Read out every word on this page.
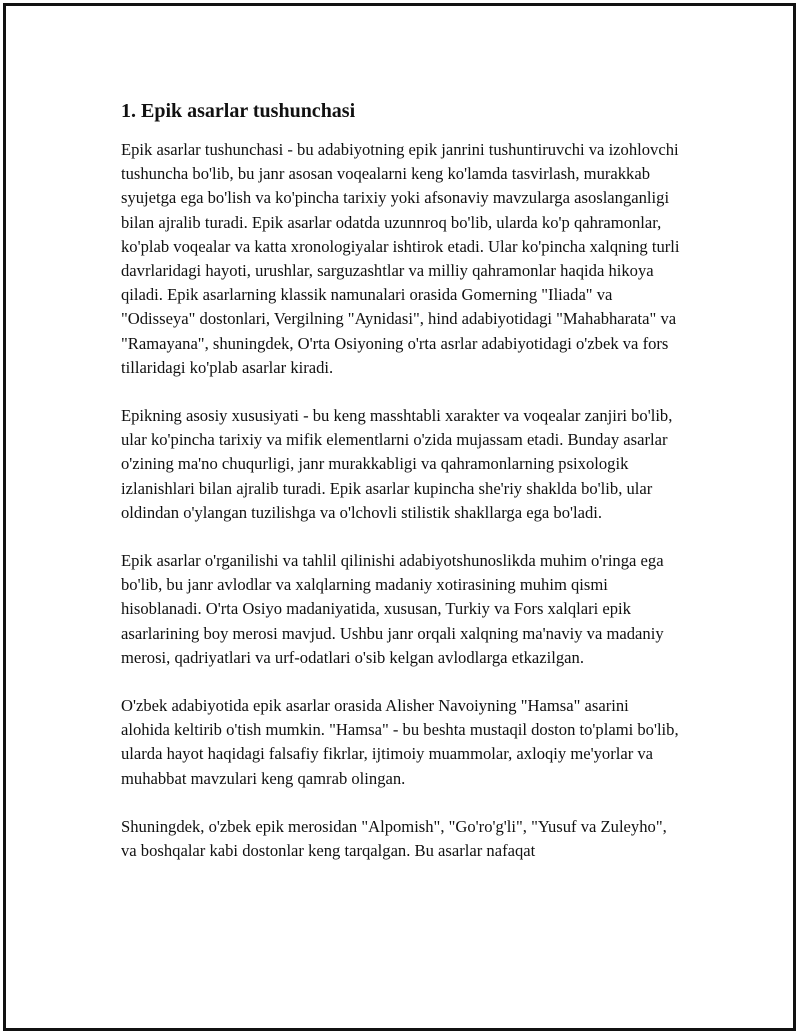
1. Epik asarlar tushunchasi

Epik asarlar tushunchasi - bu adabiyotning epik janrini tushuntiruvchi va izohlovchi tushuncha bo'lib, bu janr asosan voqealarni keng ko'lamda tasvirlash, murakkab syujetga ega bo'lish va ko'pincha tarixiy yoki afsonaviy mavzularga asoslanganligi bilan ajralib turadi. Epik asarlar odatda uzunnroq bo'lib, ularda ko'p qahramonlar, ko'plab voqealar va katta xronologiyalar ishtirok etadi. Ular ko'pincha xalqning turli davrlaridagi hayoti, urushlar, sarguzashtlar va milliy qahramonlar haqida hikoya qiladi. Epik asarlarning klassik namunalari orasida Gomerning "Iliada" va "Odisseya" dostonlari, Vergilning "Aynidasi", hind adabiyotidagi "Mahabharata" va "Ramayana", shuningdek, O'rta Osiyoning o'rta asrlar adabiyotidagi o'zbek va fors tillaridagi ko'plab asarlar kiradi.

Epikning asosiy xususiyati - bu keng masshtabli xarakter va voqealar zanjiri bo'lib, ular ko'pincha tarixiy va mifik elementlarni o'zida mujassam etadi. Bunday asarlar o'zining ma'no chuqurligi, janr murakkabligi va qahramonlarning psixologik izlanishlari bilan ajralib turadi. Epik asarlar kupincha she'riy shaklda bo'lib, ular oldindan o'ylangan tuzilishga va o'lchovli stilistik shakllarga ega bo'ladi.

Epik asarlar o'rganilishi va tahlil qilinishi adabiyotshunoslikda muhim o'ringa ega bo'lib, bu janr avlodlar va xalqlarning madaniy xotirasining muhim qismi hisoblanadi. O'rta Osiyo madaniyatida, xususan, Turkiy va Fors xalqlari epik asarlarining boy merosi mavjud. Ushbu janr orqali xalqning ma'naviy va madaniy merosi, qadriyatlari va urf-odatlari o'sib kelgan avlodlarga etkazilgan.

O'zbek adabiyotida epik asarlar orasida Alisher Navoiyning "Hamsa" asarini alohida keltirib o'tish mumkin. "Hamsa" - bu beshta mustaqil doston to'plami bo'lib, ularda hayot haqidagi falsafiy fikrlar, ijtimoiy muammolar, axloqiy me'yorlar va muhabbat mavzulari keng qamrab olingan.

Shuningdek, o'zbek epik merosidan "Alpomish", "Go'ro'g'li", "Yusuf va Zuleyho", va boshqalar kabi dostonlar keng tarqalgan. Bu asarlar nafaqat
